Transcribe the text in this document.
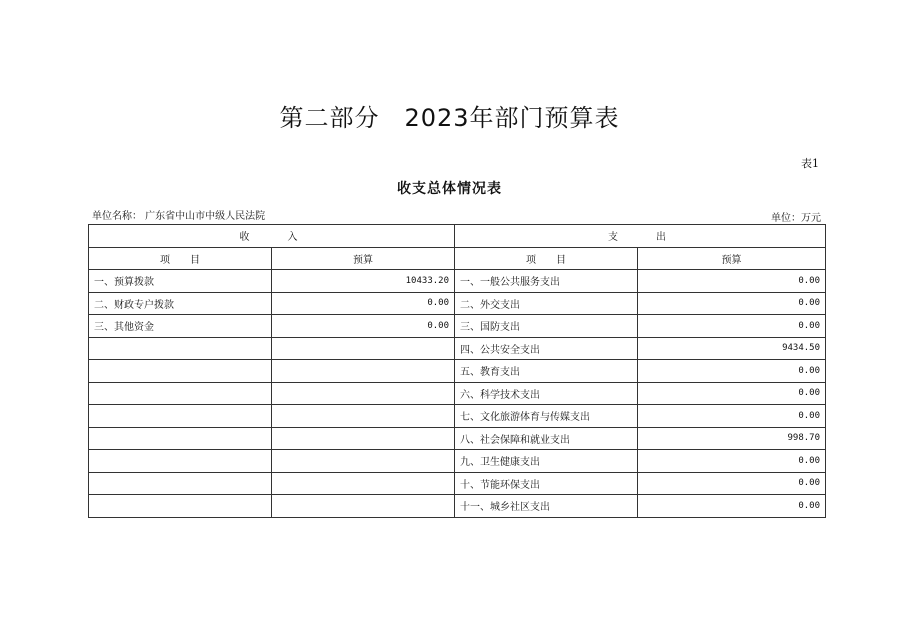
第二部分　2023年部门预算表
表1
收支总体情况表
单位名称： 广东省中山市中级人民法院	单位：万元
收　　入		支　　出	
项　　目	预算	项　　目	预算
一、预算拨款	10433.20	一、一般公共服务支出	0.00
二、财政专户拨款	0.00	二、外交支出	0.00
三、其他资金	0.00	三、国防支出	0.00
		四、公共安全支出	9434.50
		五、教育支出	0.00
		六、科学技术支出	0.00
		七、文化旅游体育与传媒支出	0.00
		八、社会保障和就业支出	998.70
		九、卫生健康支出	0.00
		十、节能环保支出	0.00
		十一、城乡社区支出	0.00
